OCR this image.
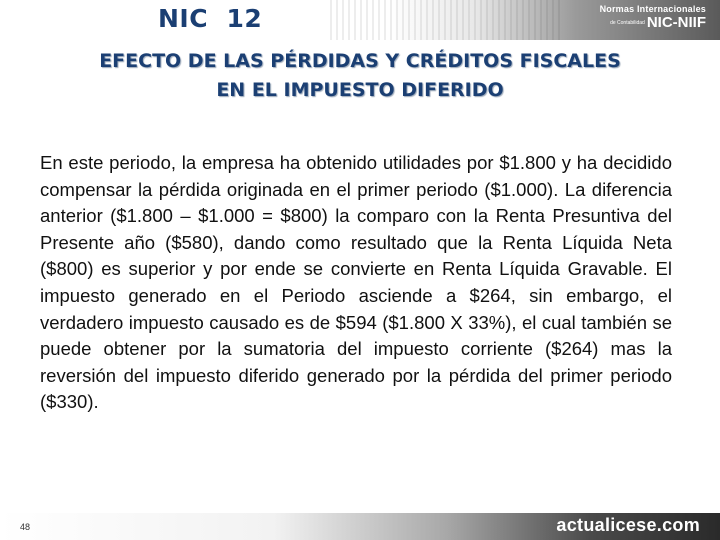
NIC  12	Normas Internacionales
de Contabilidad NIC-NIIF
EFECTO DE LAS PÉRDIDAS Y CRÉDITOS FISCALES
EN EL IMPUESTO DIFERIDO

En este periodo, la empresa ha obtenido utilidades por $1.800 y ha decidido compensar la pérdida originada en el primer periodo ($1.000). La diferencia anterior ($1.800 – $1.000 = $800) la comparo con la Renta Presuntiva del Presente año ($580), dando como resultado que la Renta Líquida Neta ($800) es superior y por ende se convierte en Renta Líquida Gravable. El impuesto generado en el Periodo asciende a $264, sin embargo, el verdadero impuesto causado es de $594 ($1.800 X 33%), el cual también se puede obtener por la sumatoria del impuesto corriente ($264) mas la reversión del impuesto diferido generado por la pérdida del primer periodo ($330).

48	actualicese.com
